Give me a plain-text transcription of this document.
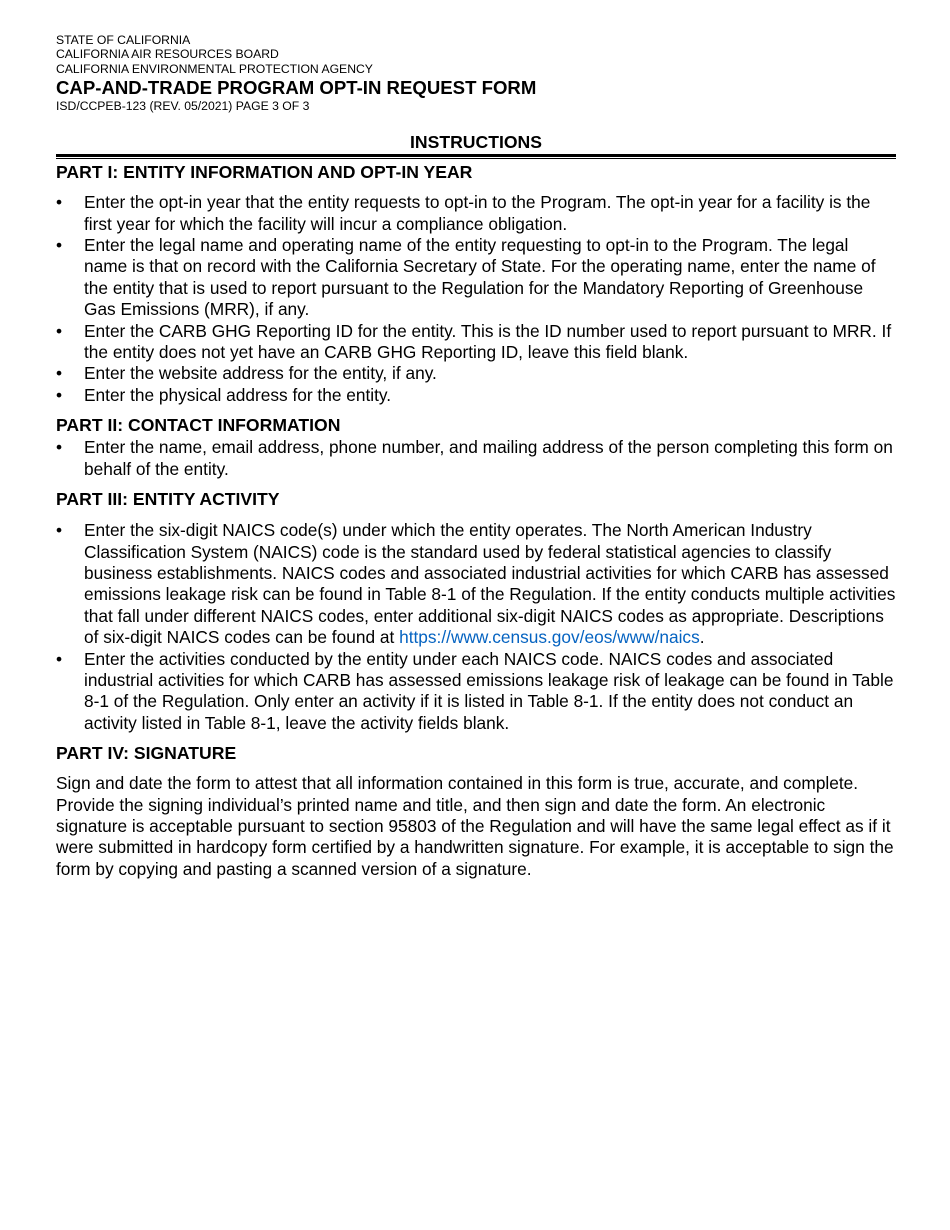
STATE OF CALIFORNIA
CALIFORNIA AIR RESOURCES BOARD
CALIFORNIA ENVIRONMENTAL PROTECTION AGENCY
CAP-AND-TRADE PROGRAM OPT-IN REQUEST FORM
ISD/CCPEB-123 (REV. 05/2021) PAGE 3 OF 3
INSTRUCTIONS
PART I: ENTITY INFORMATION AND OPT-IN YEAR
• Enter the opt-in year that the entity requests to opt-in to the Program. The opt-in year for a facility is the first year for which the facility will incur a compliance obligation.
• Enter the legal name and operating name of the entity requesting to opt-in to the Program. The legal name is that on record with the California Secretary of State. For the operating name, enter the name of the entity that is used to report pursuant to the Regulation for the Mandatory Reporting of Greenhouse Gas Emissions (MRR), if any.
• Enter the CARB GHG Reporting ID for the entity. This is the ID number used to report pursuant to MRR. If the entity does not yet have an CARB GHG Reporting ID, leave this field blank.
• Enter the website address for the entity, if any.
• Enter the physical address for the entity.
PART II: CONTACT INFORMATION
• Enter the name, email address, phone number, and mailing address of the person completing this form on behalf of the entity.
PART III: ENTITY ACTIVITY
• Enter the six-digit NAICS code(s) under which the entity operates. The North American Industry Classification System (NAICS) code is the standard used by federal statistical agencies to classify business establishments. NAICS codes and associated industrial activities for which CARB has assessed emissions leakage risk can be found in Table 8-1 of the Regulation. If the entity conducts multiple activities that fall under different NAICS codes, enter additional six-digit NAICS codes as appropriate. Descriptions of six-digit NAICS codes can be found at https://www.census.gov/eos/www/naics.
• Enter the activities conducted by the entity under each NAICS code. NAICS codes and associated industrial activities for which CARB has assessed emissions leakage risk of leakage can be found in Table 8-1 of the Regulation. Only enter an activity if it is listed in Table 8-1. If the entity does not conduct an activity listed in Table 8-1, leave the activity fields blank.
PART IV: SIGNATURE
Sign and date the form to attest that all information contained in this form is true, accurate, and complete. Provide the signing individual’s printed name and title, and then sign and date the form. An electronic signature is acceptable pursuant to section 95803 of the Regulation and will have the same legal effect as if it were submitted in hardcopy form certified by a handwritten signature. For example, it is acceptable to sign the form by copying and pasting a scanned version of a signature.
